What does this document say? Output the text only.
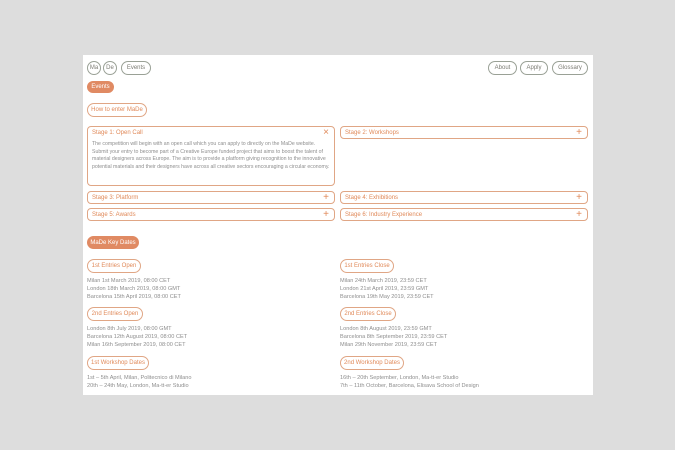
Ma	De	Events	About	Apply	Glossary
Events
How to enter MaDe
Stage 1: Open Call	×
The competition will begin with an open call which you can apply to directly on the MaDe website. Submit your entry to become part of a Creative Europe funded project that aims to boost the talent of material designers across Europe. The aim is to provide a platform giving recognition to the innovative potential materials and their designers have across all creative sectors encouraging a circular economy.
Stage 2: Workshops	+
Stage 3: Platform	+	Stage 4: Exhibitions	+
Stage 5: Awards	+	Stage 6: Industry Experience	+
MaDe Key Dates
1st Entries Open
Milan 1st March 2019, 08:00 CET
London 18th March 2019, 08:00 GMT
Barcelona 15th April 2019, 08:00 CET
1st Entries Close
Milan 24th March 2019, 23:59 CET
London 21st April 2019, 23:59 GMT
Barcelona 19th May 2019, 23:59 CET
2nd Entries Open
London 8th July 2019, 08:00 GMT
Barcelona 12th August 2019, 08:00 CET
Milan 16th September 2019, 08:00 CET
2nd Entries Close
London 8th August 2019, 23:59 GMT
Barcelona 8th September 2019, 23:59 CET
Milan 29th November 2019, 23:59 CET
1st Workshop Dates
1st – 5th April, Milan, Politecnico di Milano
20th – 24th May, London, Ma-tt-er Studio
2nd Workshop Dates
16th – 20th September, London, Ma-tt-er Studio
7th – 11th October, Barcelona, Elisava School of Design
